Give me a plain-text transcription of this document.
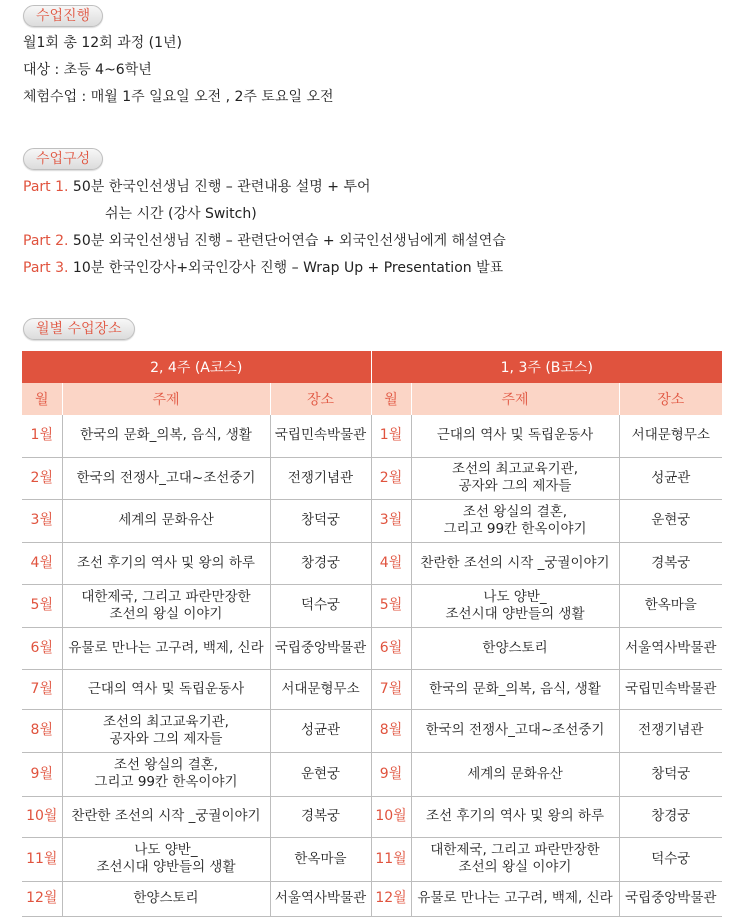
수업진행
월1회 총 12회 과정 (1년)
대상 : 초등 4~6학년
체험수업 : 매월 1주 일요일 오전 , 2주 토요일 오전
수업구성
Part 1. 50분 한국인선생님 진행 – 관련내용 설명 + 투어
쉬는 시간 (강사 Switch)
Part 2. 50분 외국인선생님 진행 – 관련단어연습 + 외국인선생님에게 해설연습
Part 3. 10분 한국인강사+외국인강사 진행 – Wrap Up + Presentation 발표
월별 수업장소
2, 4주 (A코스)			1, 3주 (B코스)		
월	주제	장소	월	주제	장소
1월	한국의 문화_의복, 음식, 생활	국립민속박물관	1월	근대의 역사 및 독립운동사	서대문형무소
2월	한국의 전쟁사_고대~조선중기	전쟁기념관	2월	조선의 최고교육기관,
공자와 그의 제자들	성균관
3월	세계의 문화유산	창덕궁	3월	조선 왕실의 결혼,
그리고 99칸 한옥이야기	운현궁
4월	조선 후기의 역사 및 왕의 하루	창경궁	4월	찬란한 조선의 시작 _궁궐이야기	경복궁
5월	대한제국, 그리고 파란만장한
조선의 왕실 이야기	덕수궁	5월	나도 양반_
조선시대 양반들의 생활	한옥마을
6월	유물로 만나는 고구려, 백제, 신라	국립중앙박물관	6월	한양스토리	서울역사박물관
7월	근대의 역사 및 독립운동사	서대문형무소	7월	한국의 문화_의복, 음식, 생활	국립민속박물관
8월	조선의 최고교육기관,
공자와 그의 제자들	성균관	8월	한국의 전쟁사_고대~조선중기	전쟁기념관
9월	조선 왕실의 결혼,
그리고 99칸 한옥이야기	운현궁	9월	세계의 문화유산	창덕궁
10월	찬란한 조선의 시작 _궁궐이야기	경복궁	10월	조선 후기의 역사 및 왕의 하루	창경궁
11월	나도 양반_
조선시대 양반들의 생활	한옥마을	11월	대한제국, 그리고 파란만장한
조선의 왕실 이야기	덕수궁
12월	한양스토리	서울역사박물관	12월	유물로 만나는 고구려, 백제, 신라	국립중앙박물관
